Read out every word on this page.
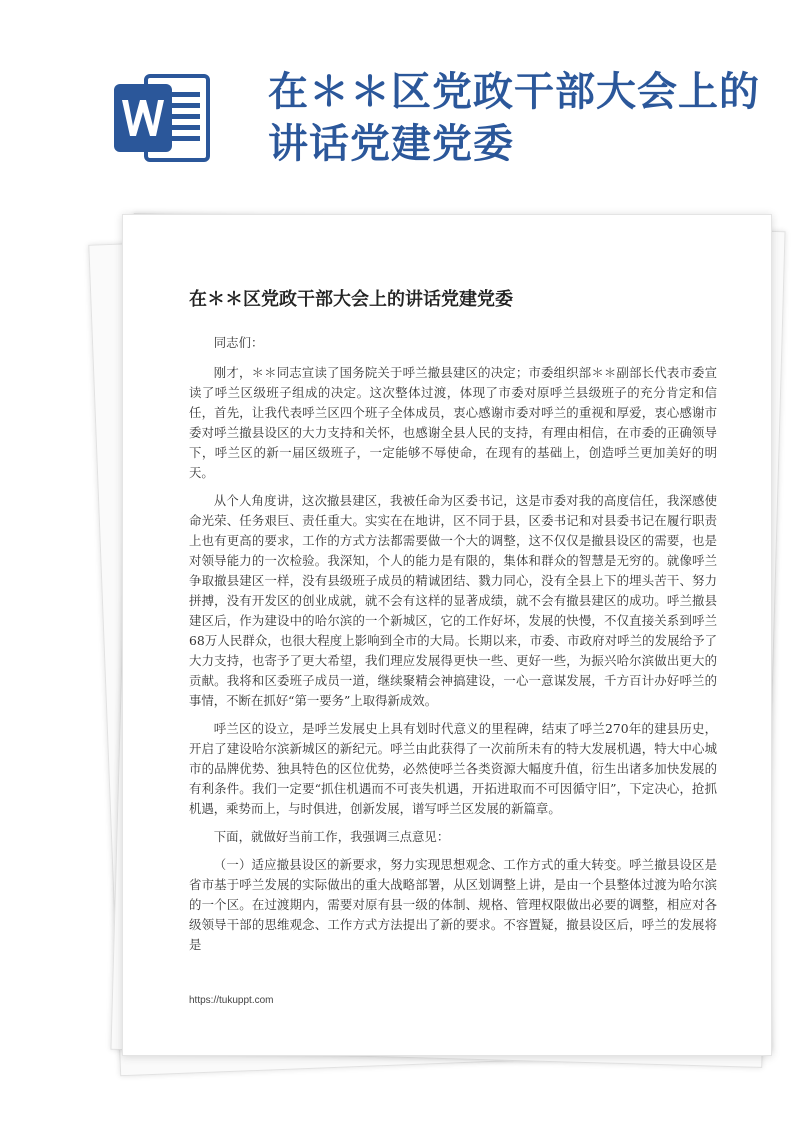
在＊＊区党政干部大会上的讲话党建党委
在＊＊区党政干部大会上的讲话党建党委

同志们：

刚才，＊＊同志宣读了国务院关于呼兰撤县建区的决定；市委组织部＊＊副部长代表市委宣读了呼兰区级班子组成的决定。这次整体过渡，体现了市委对原呼兰县级班子的充分肯定和信任，首先，让我代表呼兰区四个班子全体成员，衷心感谢市委对呼兰的重视和厚爱，衷心感谢市委对呼兰撤县设区的大力支持和关怀，也感谢全县人民的支持，有理由相信，在市委的正确领导下，呼兰区的新一届区级班子，一定能够不辱使命，在现有的基础上，创造呼兰更加美好的明天。

从个人角度讲，这次撤县建区，我被任命为区委书记，这是市委对我的高度信任，我深感使命光荣、任务艰巨、责任重大。实实在在地讲，区不同于县，区委书记和对县委书记在履行职责上也有更高的要求，工作的方式方法都需要做一个大的调整，这不仅仅是撤县设区的需要，也是对领导能力的一次检验。我深知，个人的能力是有限的，集体和群众的智慧是无穷的。就像呼兰争取撤县建区一样，没有县级班子成员的精诚团结、戮力同心，没有全县上下的埋头苦干、努力拼搏，没有开发区的创业成就，就不会有这样的显著成绩，就不会有撤县建区的成功。呼兰撤县建区后，作为建设中的哈尔滨的一个新城区，它的工作好坏，发展的快慢，不仅直接关系到呼兰68万人民群众，也很大程度上影响到全市的大局。长期以来，市委、市政府对呼兰的发展给予了大力支持，也寄予了更大希望，我们理应发展得更快一些、更好一些，为振兴哈尔滨做出更大的贡献。我将和区委班子成员一道，继续聚精会神搞建设，一心一意谋发展，千方百计办好呼兰的事情，不断在抓好“第一要务”上取得新成效。

呼兰区的设立，是呼兰发展史上具有划时代意义的里程碑，结束了呼兰270年的建县历史，开启了建设哈尔滨新城区的新纪元。呼兰由此获得了一次前所未有的特大发展机遇，特大中心城市的品牌优势、独具特色的区位优势，必然使呼兰各类资源大幅度升值，衍生出诸多加快发展的有利条件。我们一定要“抓住机遇而不可丧失机遇，开拓进取而不可因循守旧”，下定决心，抢抓机遇，乘势而上，与时俱进，创新发展，谱写呼兰区发展的新篇章。

下面，就做好当前工作，我强调三点意见：

（一）适应撤县设区的新要求，努力实现思想观念、工作方式的重大转变。呼兰撤县设区是省市基于呼兰发展的实际做出的重大战略部署，从区划调整上讲，是由一个县整体过渡为哈尔滨的一个区。在过渡期内，需要对原有县一级的体制、规格、管理权限做出必要的调整，相应对各级领导干部的思维观念、工作方式方法提出了新的要求。不容置疑，撤县设区后，呼兰的发展将是

https://tukuppt.com
